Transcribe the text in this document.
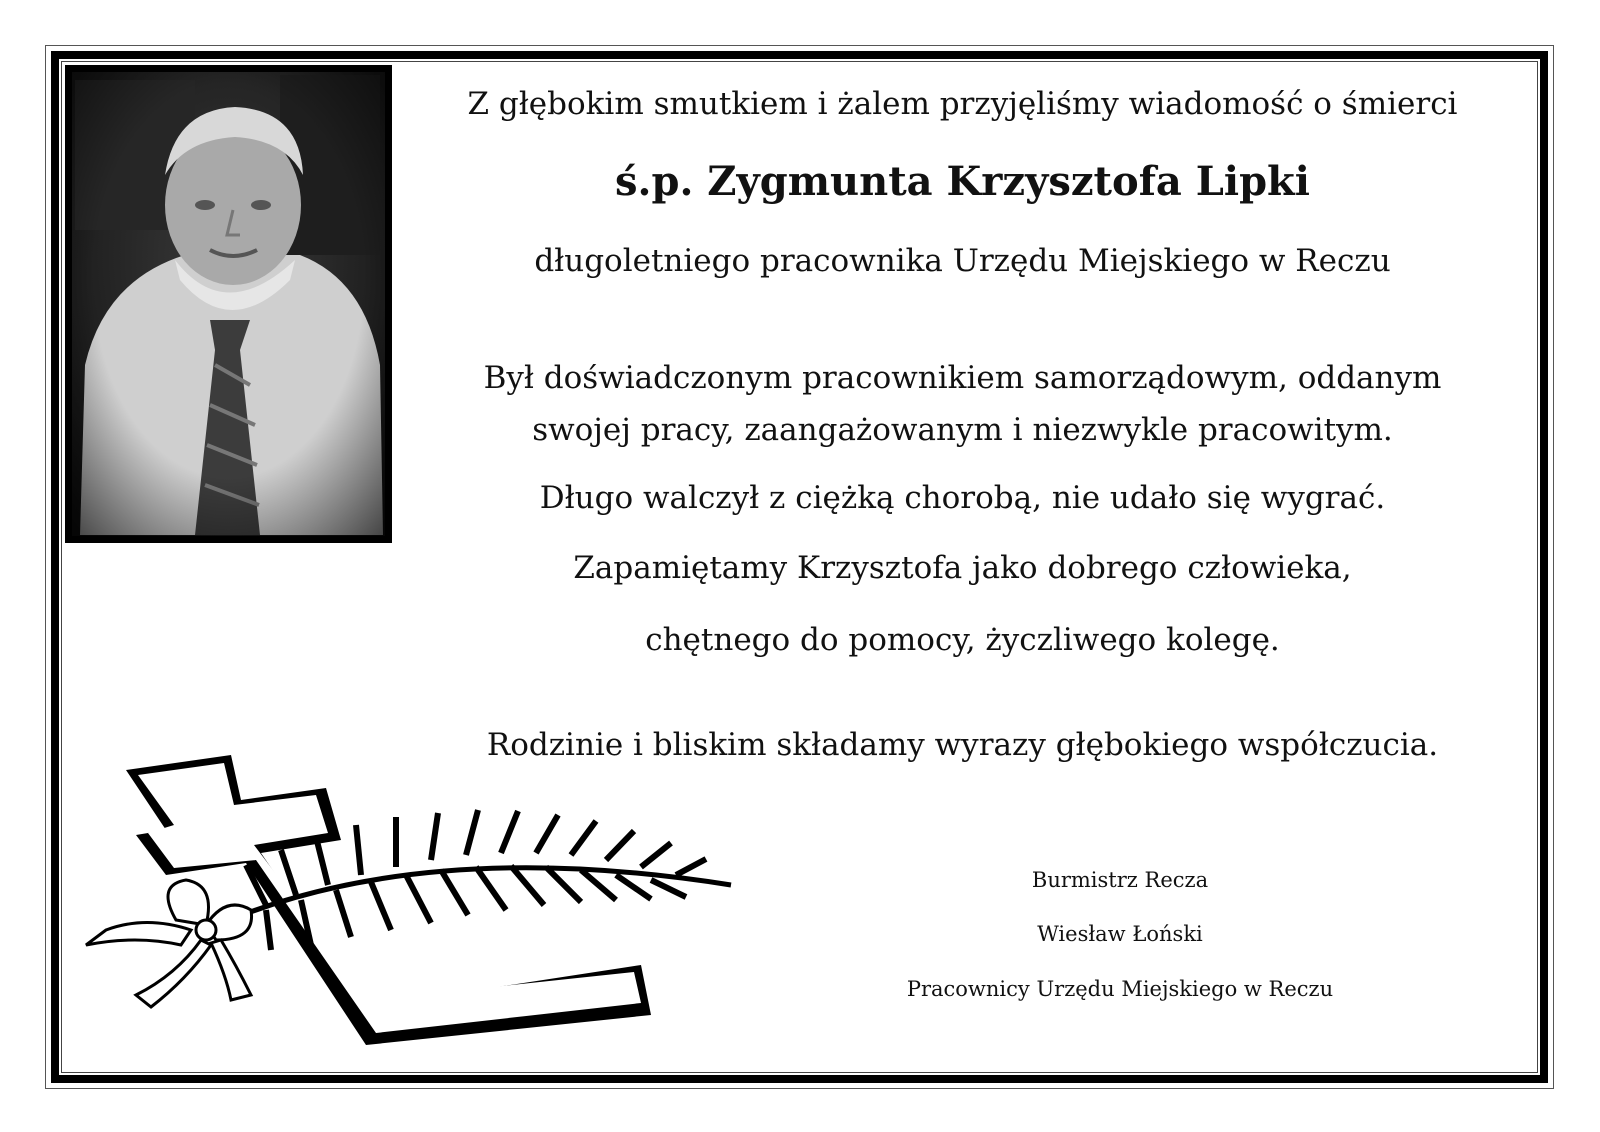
Z głębokim smutkiem i żalem przyjęliśmy wiadomość o śmierci
ś.p. Zygmunta Krzysztofa Lipki
długoletniego pracownika Urzędu Miejskiego w Reczu
Był doświadczonym pracownikiem samorządowym, oddanym
swojej pracy, zaangażowanym i niezwykle pracowitym.
Długo walczył z ciężką chorobą, nie udało się wygrać.
Zapamiętamy Krzysztofa jako dobrego człowieka,
chętnego do pomocy, życzliwego kolegę.
Rodzinie i bliskim składamy wyrazy głębokiego współczucia.
Burmistrz Recza
Wiesław Łoński
Pracownicy Urzędu Miejskiego w Reczu
